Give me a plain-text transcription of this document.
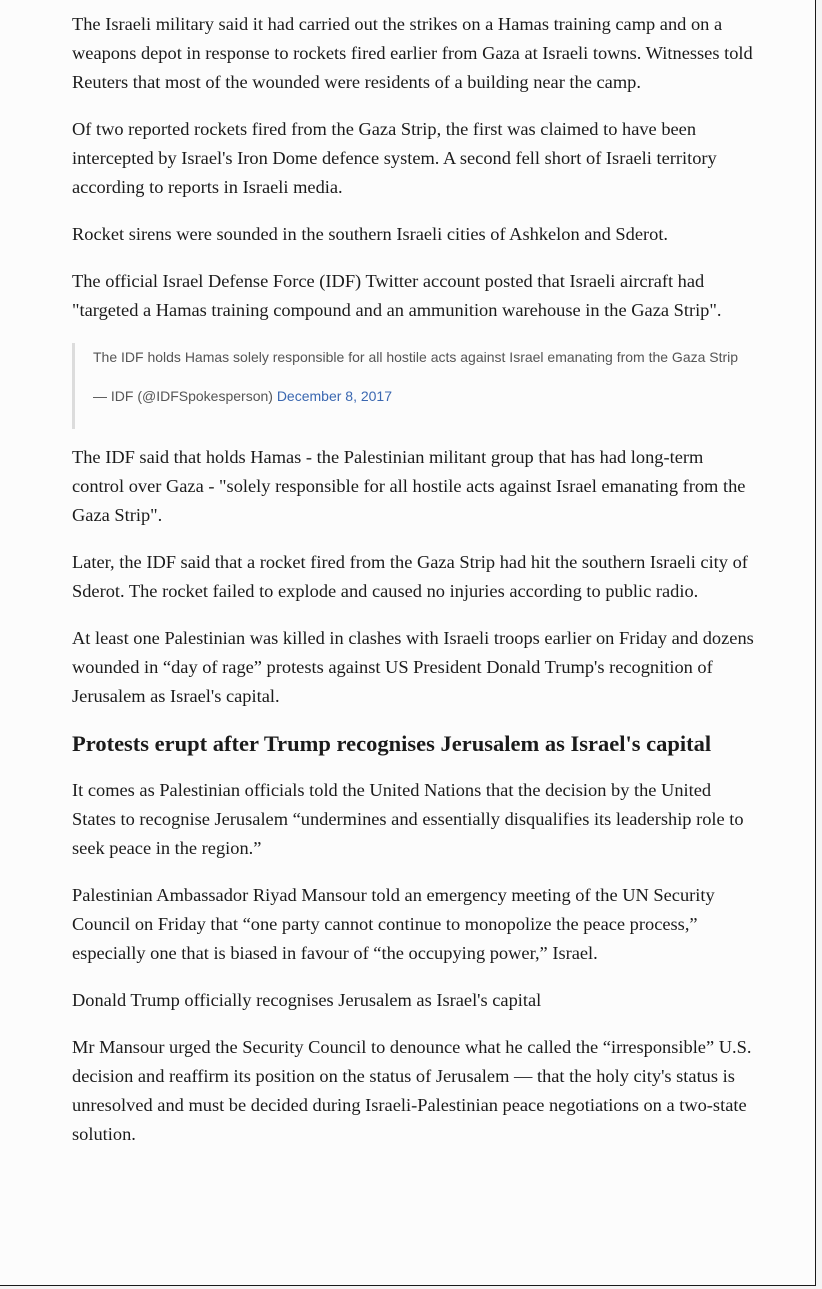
The Israeli military said it had carried out the strikes on a Hamas training camp and on a weapons depot in response to rockets fired earlier from Gaza at Israeli towns. Witnesses told Reuters that most of the wounded were residents of a building near the camp.

Of two reported rockets fired from the Gaza Strip, the first was claimed to have been intercepted by Israel's Iron Dome defence system. A second fell short of Israeli territory according to reports in Israeli media.

Rocket sirens were sounded in the southern Israeli cities of Ashkelon and Sderot.

The official Israel Defense Force (IDF) Twitter account posted that Israeli aircraft had "targeted a Hamas training compound and an ammunition warehouse in the Gaza Strip".

The IDF holds Hamas solely responsible for all hostile acts against Israel emanating from the Gaza Strip

— IDF (@IDFSpokesperson) December 8, 2017

The IDF said that holds Hamas - the Palestinian militant group that has had long-term control over Gaza - "solely responsible for all hostile acts against Israel emanating from the Gaza Strip".

Later, the IDF said that a rocket fired from the Gaza Strip had hit the southern Israeli city of Sderot. The rocket failed to explode and caused no injuries according to public radio.

At least one Palestinian was killed in clashes with Israeli troops earlier on Friday and dozens wounded in “day of rage” protests against US President Donald Trump's recognition of Jerusalem as Israel's capital.

Protests erupt after Trump recognises Jerusalem as Israel's capital

It comes as Palestinian officials told the United Nations that the decision by the United States to recognise Jerusalem “undermines and essentially disqualifies its leadership role to seek peace in the region.”

Palestinian Ambassador Riyad Mansour told an emergency meeting of the UN Security Council on Friday that “one party cannot continue to monopolize the peace process,” especially one that is biased in favour of “the occupying power,” Israel.

Donald Trump officially recognises Jerusalem as Israel's capital

Mr Mansour urged the Security Council to denounce what he called the “irresponsible” U.S. decision and reaffirm its position on the status of Jerusalem — that the holy city's status is unresolved and must be decided during Israeli-Palestinian peace negotiations on a two-state solution.
